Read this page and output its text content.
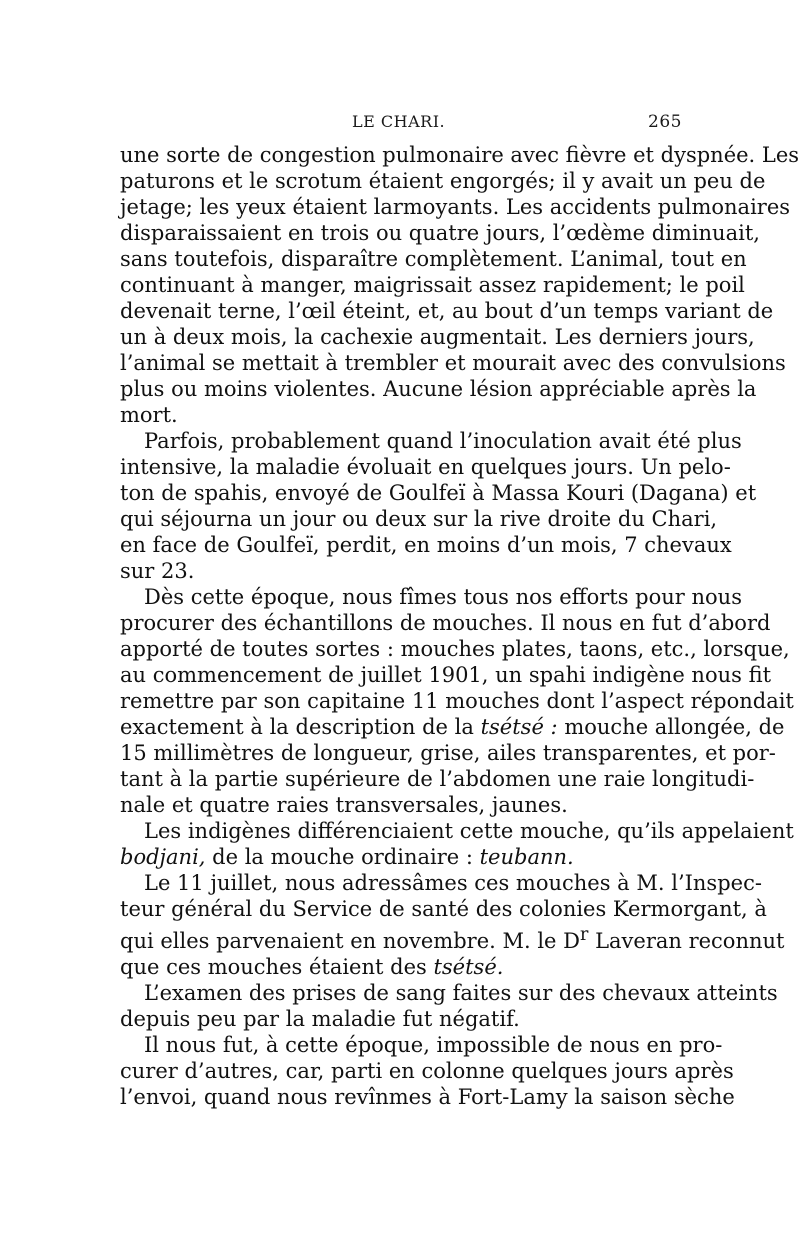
LE CHARI.	265
une sorte de congestion pulmonaire avec fièvre et dyspnée. Les
paturons et le scrotum étaient engorgés; il y avait un peu de
jetage; les yeux étaient larmoyants. Les accidents pulmonaires
disparaissaient en trois ou quatre jours, l’œdème diminuait,
sans toutefois, disparaître complètement. L’animal, tout en
continuant à manger, maigrissait assez rapidement; le poil
devenait terne, l’œil éteint, et, au bout d’un temps variant de
un à deux mois, la cachexie augmentait. Les derniers jours,
l’animal se mettait à trembler et mourait avec des convulsions
plus ou moins violentes. Aucune lésion appréciable après la
mort.
Parfois, probablement quand l’inoculation avait été plus
intensive, la maladie évoluait en quelques jours. Un pelo-
ton de spahis, envoyé de Goulfeï à Massa Kouri (Dagana) et
qui séjourna un jour ou deux sur la rive droite du Chari,
en face de Goulfeï, perdit, en moins d’un mois, 7 chevaux
sur 23.
Dès cette époque, nous fîmes tous nos efforts pour nous
procurer des échantillons de mouches. Il nous en fut d’abord
apporté de toutes sortes : mouches plates, taons, etc., lorsque,
au commencement de juillet 1901, un spahi indigène nous fit
remettre par son capitaine 11 mouches dont l’aspect répondait
exactement à la description de la tsétsé : mouche allongée, de
15 millimètres de longueur, grise, ailes transparentes, et por-
tant à la partie supérieure de l’abdomen une raie longitudi-
nale et quatre raies transversales, jaunes.
Les indigènes différenciaient cette mouche, qu’ils appelaient
bodjani, de la mouche ordinaire : teubann.
Le 11 juillet, nous adressâmes ces mouches à M. l’Inspec-
teur général du Service de santé des colonies Kermorgant, à
qui elles parvenaient en novembre. M. le $D^r$ Laveran reconnut
que ces mouches étaient des tsétsé.
L’examen des prises de sang faites sur des chevaux atteints
depuis peu par la maladie fut négatif.
Il nous fut, à cette époque, impossible de nous en pro-
curer d’autres, car, parti en colonne quelques jours après
l’envoi, quand nous revînmes à Fort-Lamy la saison sèche
